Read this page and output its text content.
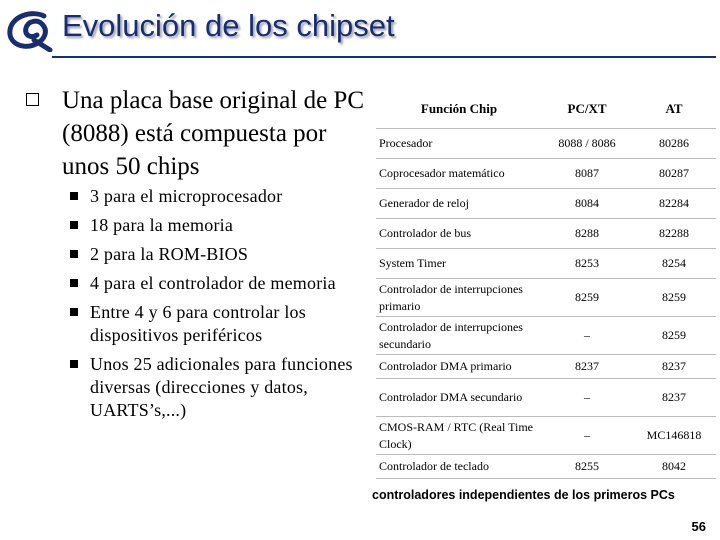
Evolución de los chipset
Una placa base original de PC (8088) está compuesta por unos 50 chips
3 para el microprocesador
18 para la memoria
2 para la ROM-BIOS
4 para el controlador de memoria
Entre 4 y 6 para controlar los dispositivos periféricos
Unos 25 adicionales para funciones diversas (direcciones y datos, UARTS’s,...)
Función Chip	PC/XT	AT
Procesador	8088 / 8086	80286
Coprocesador matemático	8087	80287
Generador de reloj	8084	82284
Controlador de bus	8288	82288
System Timer	8253	8254
Controlador de interrupciones primario	8259	8259
Controlador de interrupciones secundario	–	8259
Controlador DMA primario	8237	8237
Controlador DMA secundario	–	8237
CMOS-RAM / RTC (Real Time Clock)	–	MC146818
Controlador de teclado	8255	8042
controladores independientes de los primeros PCs
56
